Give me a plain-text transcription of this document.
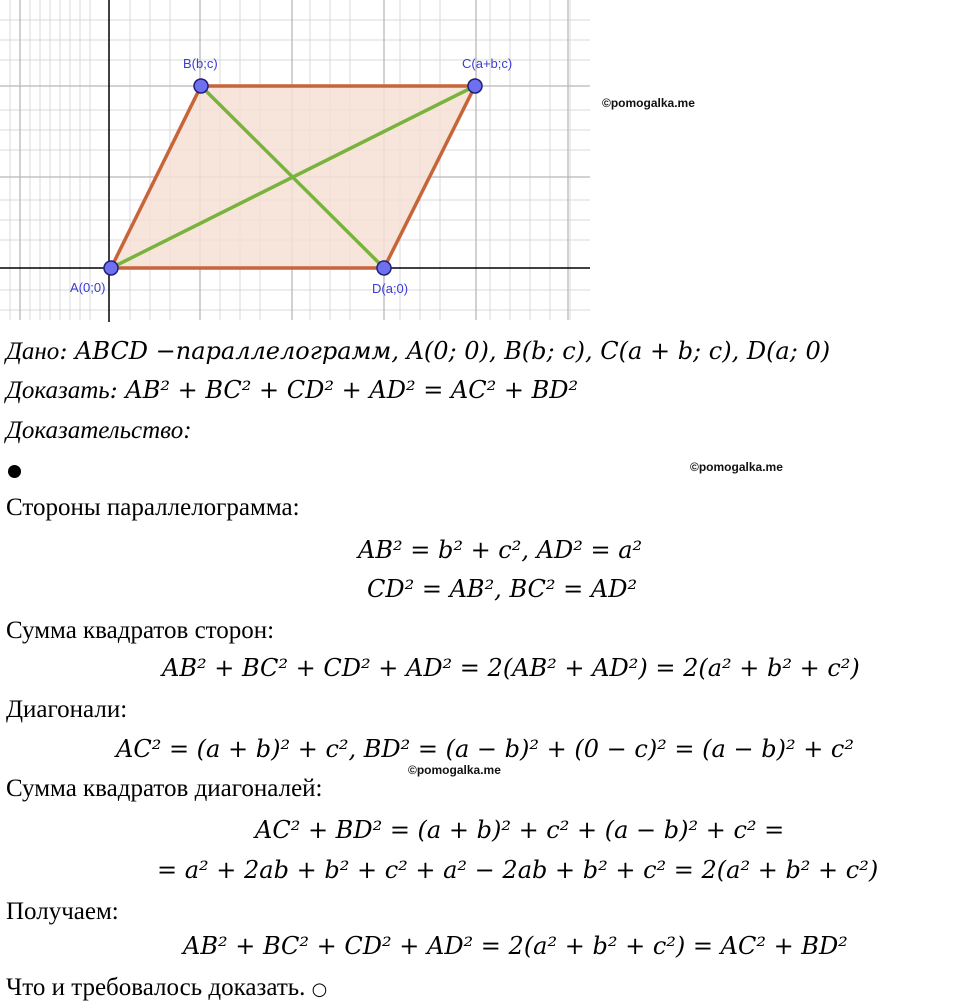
A(0;0)
B(b;c)	C(a+b;c)
D(a;0)
©pomogalka.me
Дано: ABCD −параллелограмм, A(0; 0), B(b; c), C(a + b; c), D(a; 0)
Доказать: AB² + BC² + CD² + AD² = AC² + BD²
Доказательство:
©pomogalka.me
Стороны параллелограмма:
AB² = b² + c², AD² = a²
CD² = AB², BC² = AD²
Сумма квадратов сторон:
AB² + BC² + CD² + AD² = 2(AB² + AD²) = 2(a² + b² + c²)
Диагонали:
AC² = (a + b)² + c², BD² = (a − b)² + (0 − c)² = (a − b)² + c²
©pomogalka.me
Сумма квадратов диагоналей:
AC² + BD² = (a + b)² + c² + (a − b)² + c² =
= a² + 2ab + b² + c² + a² − 2ab + b² + c² = 2(a² + b² + c²)
Получаем:
AB² + BC² + CD² + AD² = 2(a² + b² + c²) = AC² + BD²
Что и требовалось доказать. ○
